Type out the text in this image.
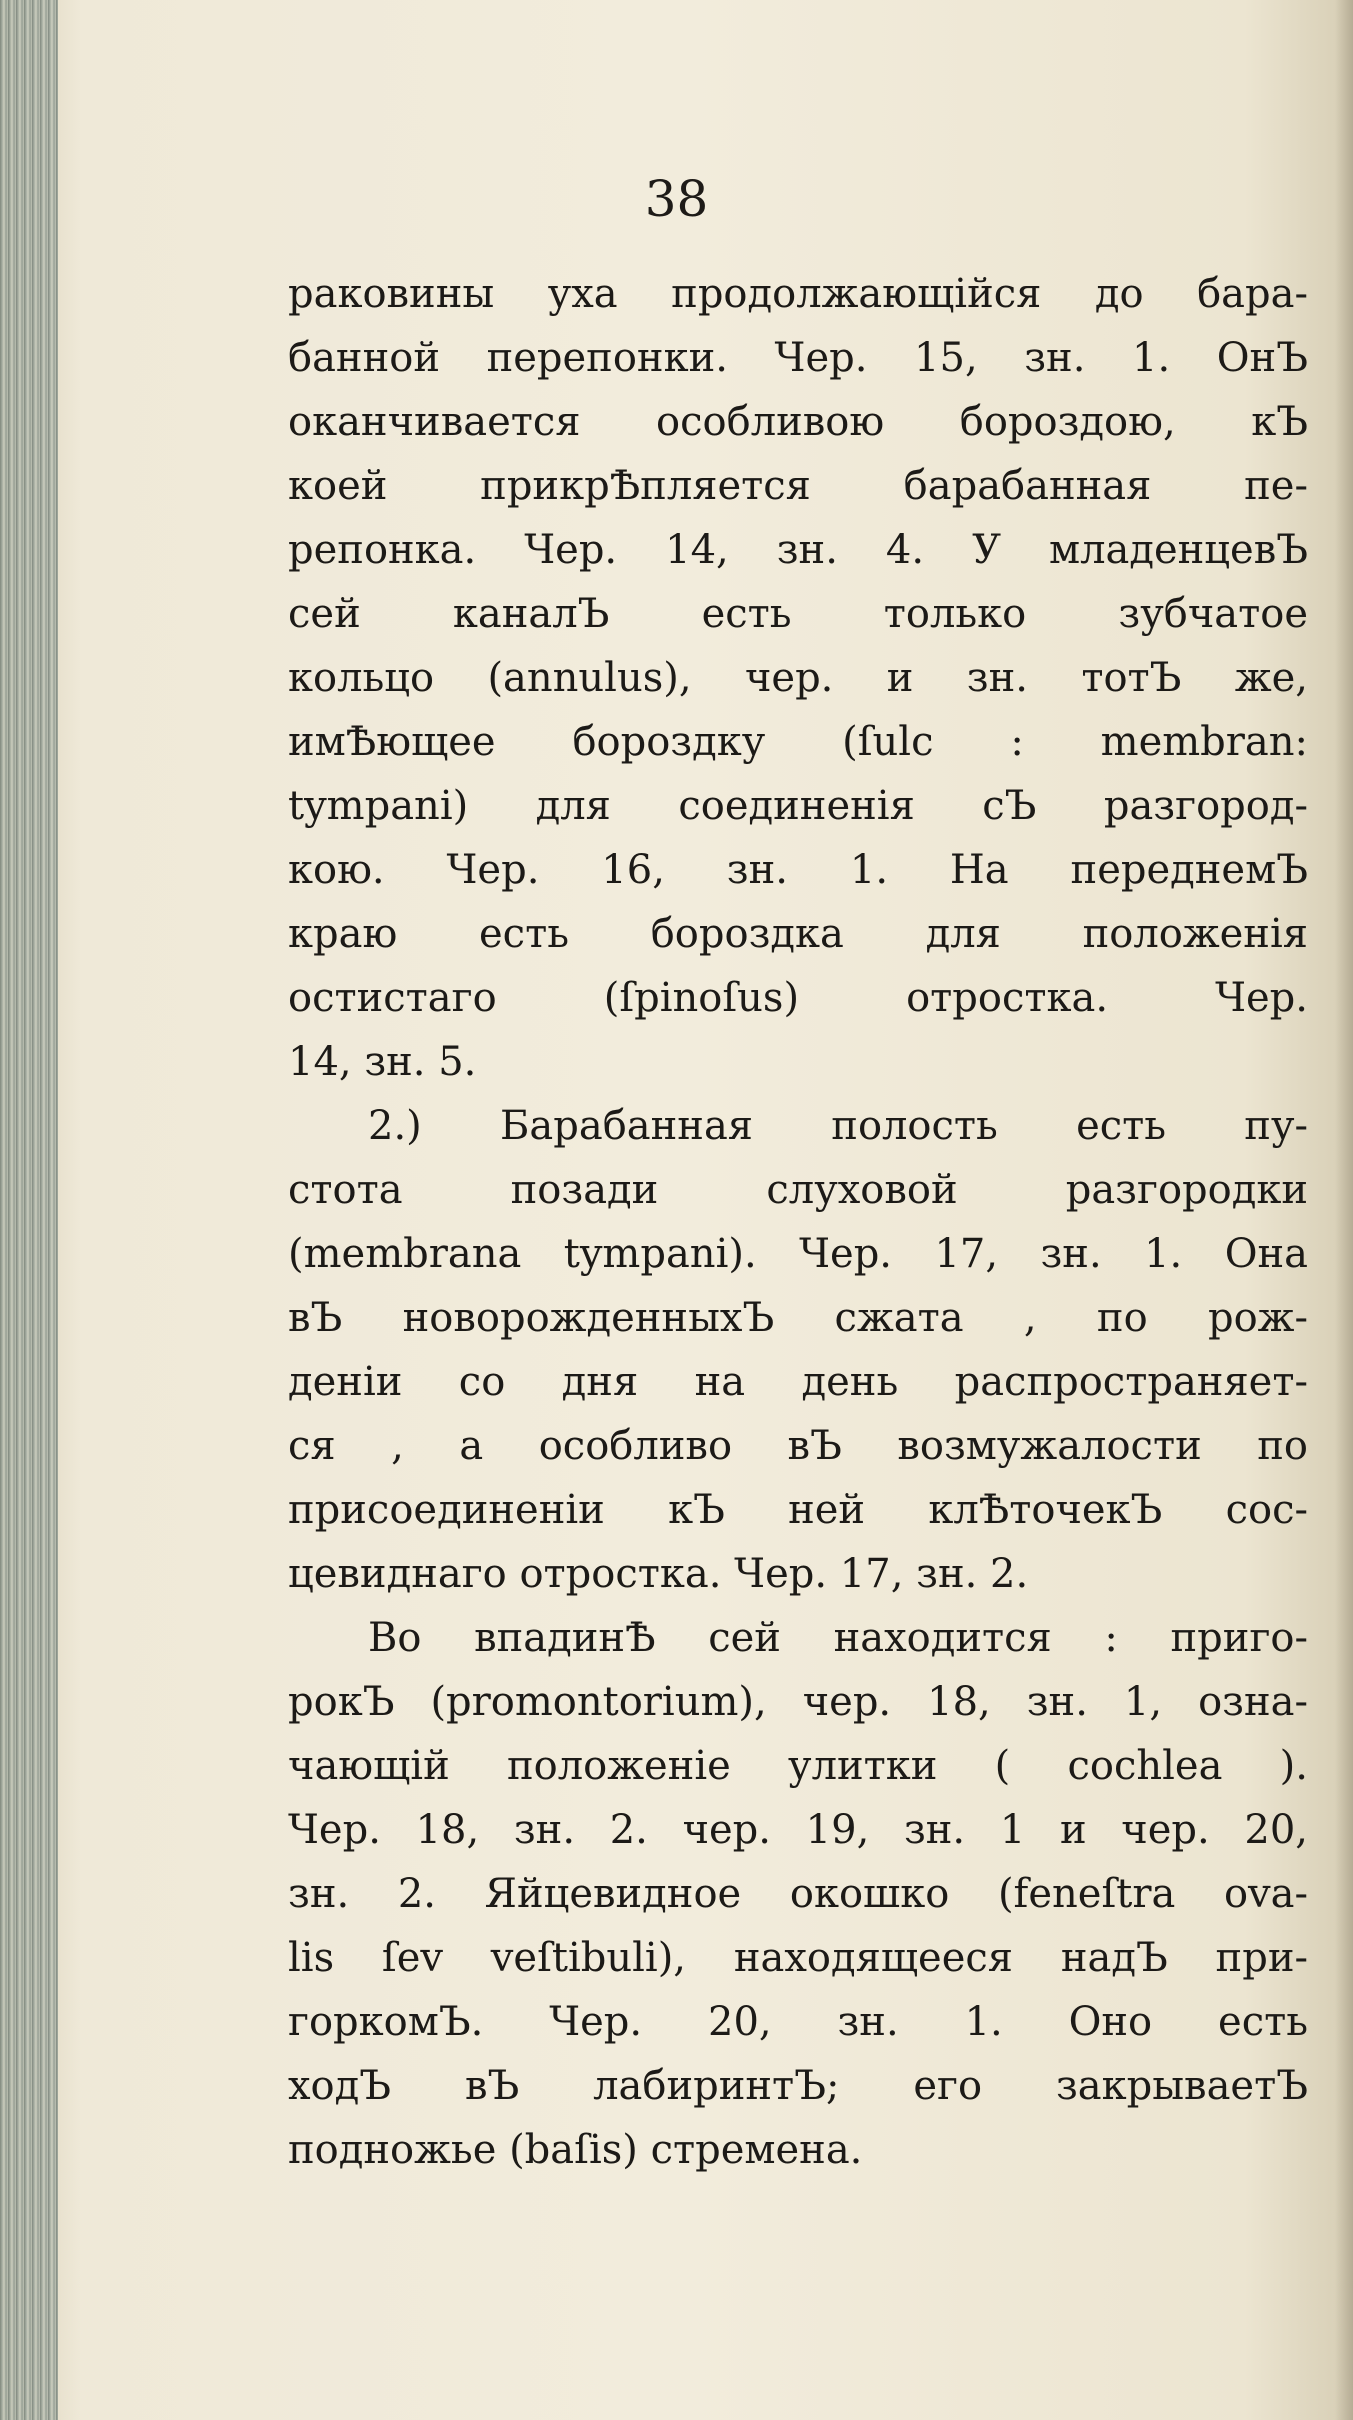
38
раковины уха продолжающійся до бара-
банной перепонки. Чер. 15, зн. 1. ОнЪ
оканчивается особливою бороздою, кЪ
коей прикрѢпляется барабанная пе-
репонка. Чер. 14, зн. 4. У младенцевЪ
сей каналЪ есть только зубчатое
кольцо (annulus), чер. и зн. тотЪ же,
имѢющее бороздку (ſulc : membran:
tympani) для соединенія сЪ разгород-
кою. Чер. 16, зн. 1. На переднемЪ
краю есть бороздка для положенія
остистаго (ſpinoſus) отростка. Чер.
14, зн. 5.
2.) Барабанная полость есть пу-
стота позади слуховой разгородки
(membrana tympani). Чер. 17, зн. 1. Она
вЪ новорожденныхЪ сжата , по рож-
деніи со дня на день распространяет-
ся , а особливо вЪ возмужалости по
присоединеніи кЪ ней клѢточекЪ сос-
цевиднаго отростка. Чер. 17, зн. 2.
Во впадинѢ сей находится : приго-
рокЪ (promontorium), чер. 18, зн. 1, озна-
чающій положеніе улитки ( cochlea ).
Чер. 18, зн. 2. чер. 19, зн. 1 и чер. 20,
зн. 2. Яйцевидное окошко (feneſtra ova-
lis ſev veſtibuli), находящееся надЪ при-
горкомЪ. Чер. 20, зн. 1. Оно есть
ходЪ вЪ лабиринтЪ; его закрываетЪ
подножье (baſis) стремена.
